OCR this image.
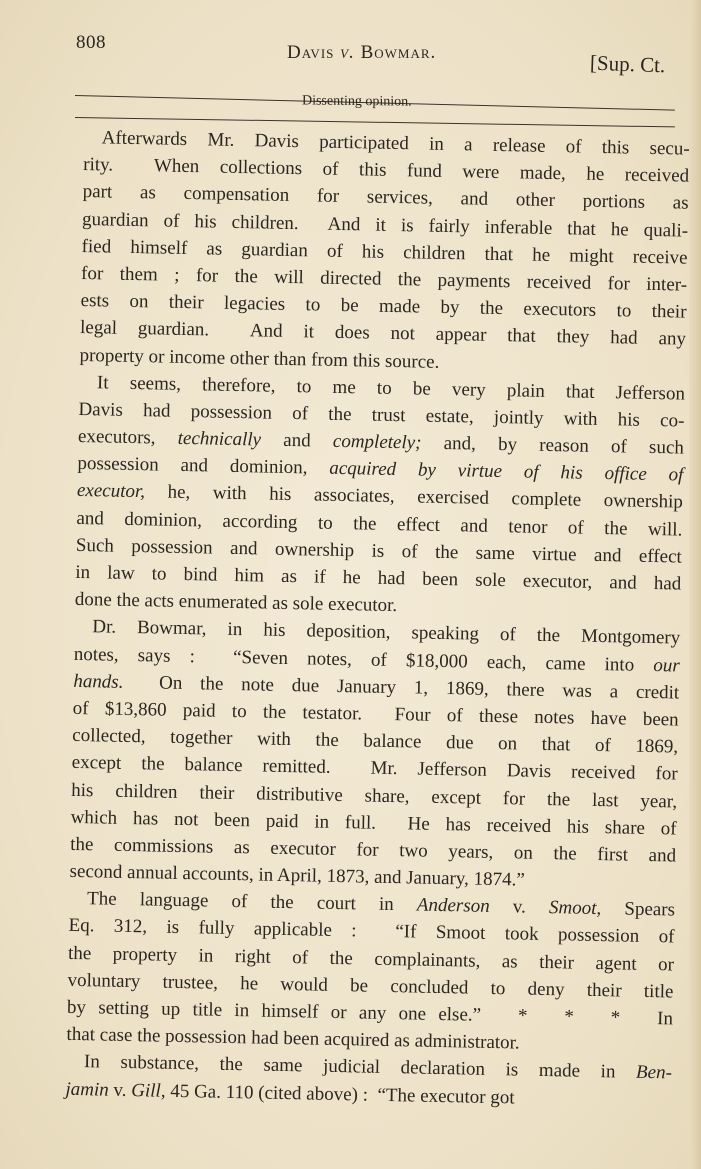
808	Davis v. Bowmar.	[Sup. Ct.
Dissenting opinion.
Afterwards Mr. Davis participated in a release of this secu-
rity.  When collections of this fund were made, he received
part as compensation for services, and other portions as
guardian of his children.  And it is fairly inferable that he quali-
fied himself as guardian of his children that he might receive
for them ; for the will directed the payments received for inter-
ests on their legacies to be made by the executors to their
legal guardian.  And it does not appear that they had any
property or income other than from this source.
It seems, therefore, to me to be very plain that Jefferson
Davis had possession of the trust estate, jointly with his co-
executors, technically and completely; and, by reason of such
possession and dominion, acquired by virtue of his office of
executor, he, with his associates, exercised complete ownership
and dominion, according to the effect and tenor of the will.
Such possession and ownership is of the same virtue and effect
in law to bind him as if he had been sole executor, and had
done the acts enumerated as sole executor.
Dr. Bowmar, in his deposition, speaking of the Montgomery
notes, says :  “Seven notes, of $18,000 each, came into our
hands.  On the note due January 1, 1869, there was a credit
of $13,860 paid to the testator.  Four of these notes have been
collected, together with the balance due on that of 1869,
except the balance remitted.  Mr. Jefferson Davis received for
his children their distributive share, except for the last year,
which has not been paid in full.  He has received his share of
the commissions as executor for two years, on the first and
second annual accounts, in April, 1873, and January, 1874.”
The language of the court in Anderson v. Smoot, Spears
Eq. 312, is fully applicable :  “If Smoot took possession of
the property in right of the complainants, as their agent or
voluntary trustee, he would be concluded to deny their title
by setting up title in himself or any one else.”   *   *   *   In
that case the possession had been acquired as administrator.
In substance, the same judicial declaration is made in Ben-
jamin v. Gill, 45 Ga. 110 (cited above) :  “The executor got
